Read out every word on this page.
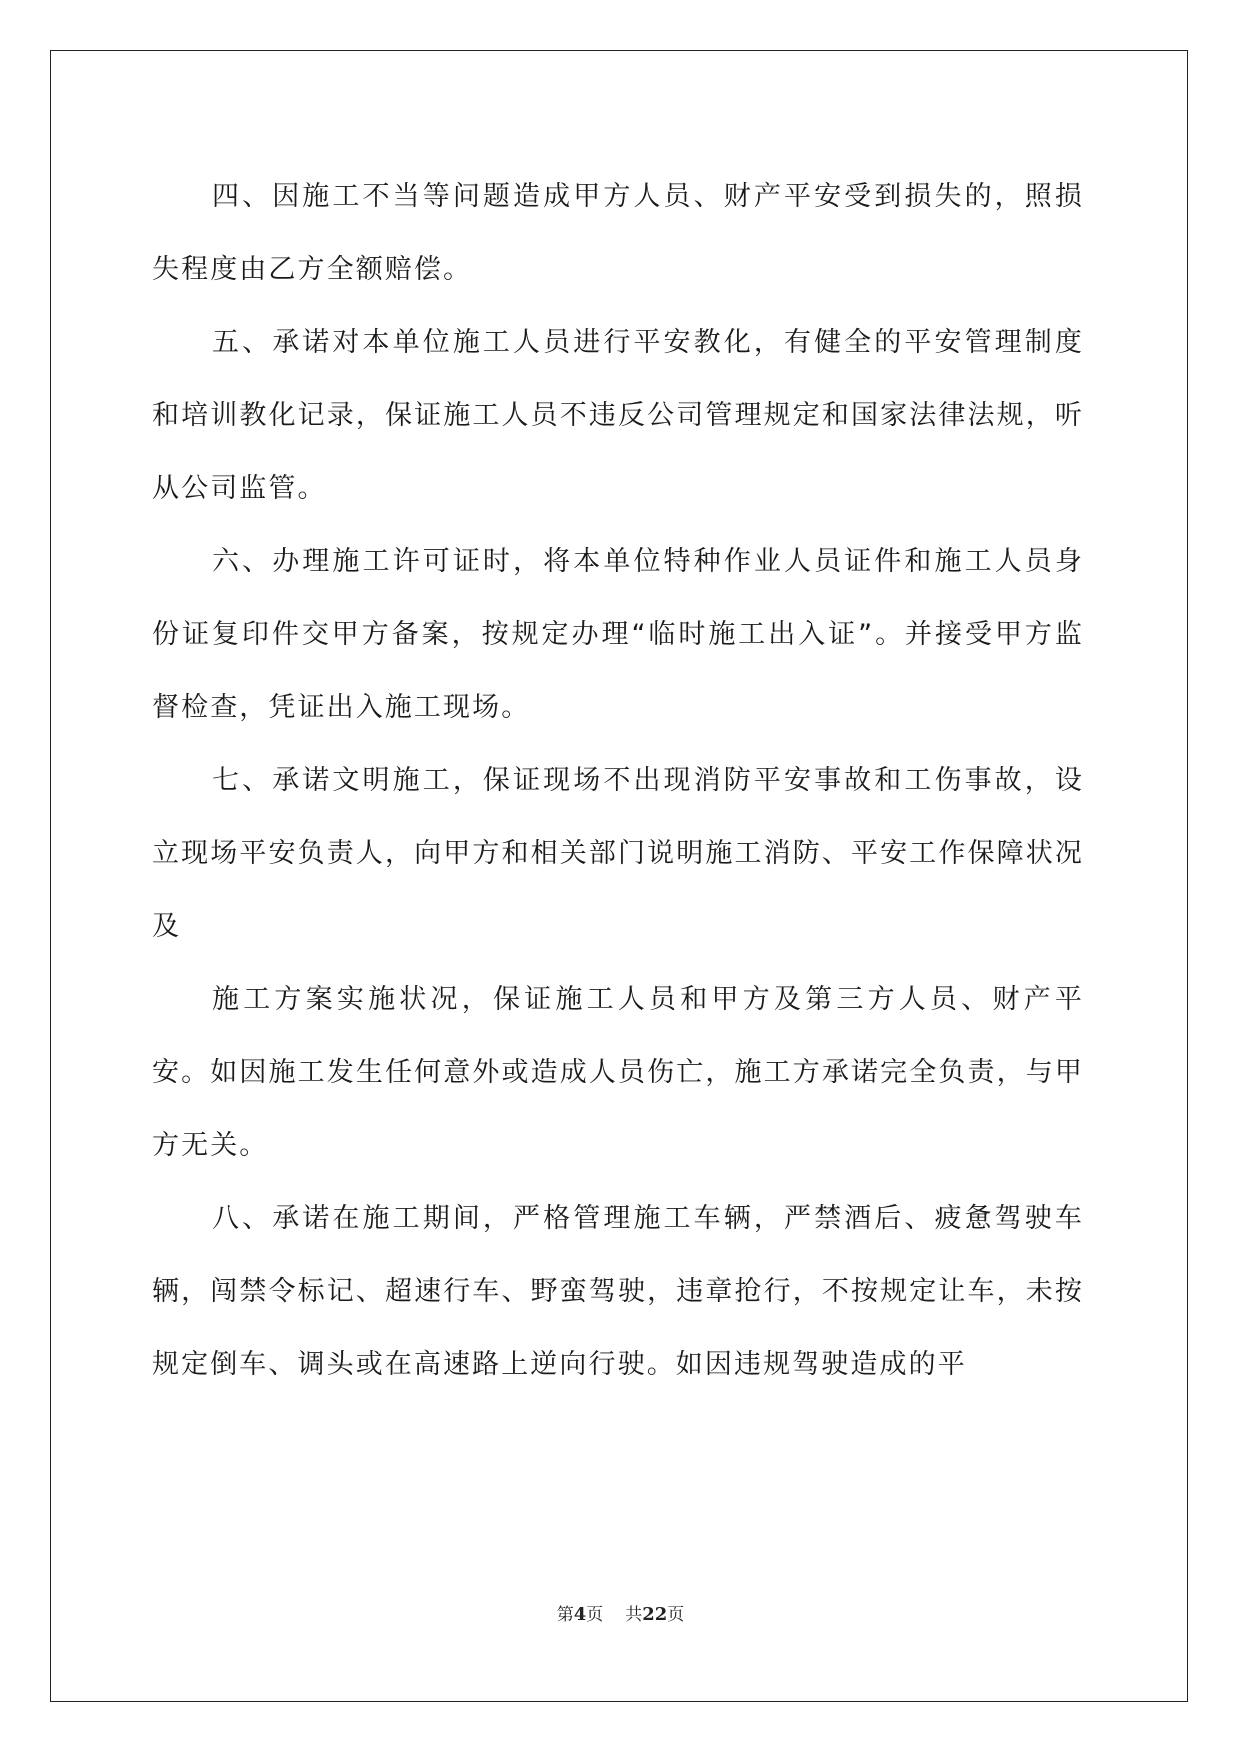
四、因施工不当等问题造成甲方人员、财产平安受到损失的，照损失程度由乙方全额赔偿。

五、承诺对本单位施工人员进行平安教化，有健全的平安管理制度和培训教化记录，保证施工人员不违反公司管理规定和国家法律法规，听从公司监管。

六、办理施工许可证时，将本单位特种作业人员证件和施工人员身份证复印件交甲方备案，按规定办理“临时施工出入证”。并接受甲方监督检查，凭证出入施工现场。

七、承诺文明施工，保证现场不出现消防平安事故和工伤事故，设立现场平安负责人，向甲方和相关部门说明施工消防、平安工作保障状况及

施工方案实施状况，保证施工人员和甲方及第三方人员、财产平安。如因施工发生任何意外或造成人员伤亡，施工方承诺完全负责，与甲方无关。

八、承诺在施工期间，严格管理施工车辆，严禁酒后、疲惫驾驶车辆，闯禁令标记、超速行车、野蛮驾驶，违章抢行，不按规定让车，未按规定倒车、调头或在高速路上逆向行驶。如因违规驾驶造成的平

第4页 共22页
